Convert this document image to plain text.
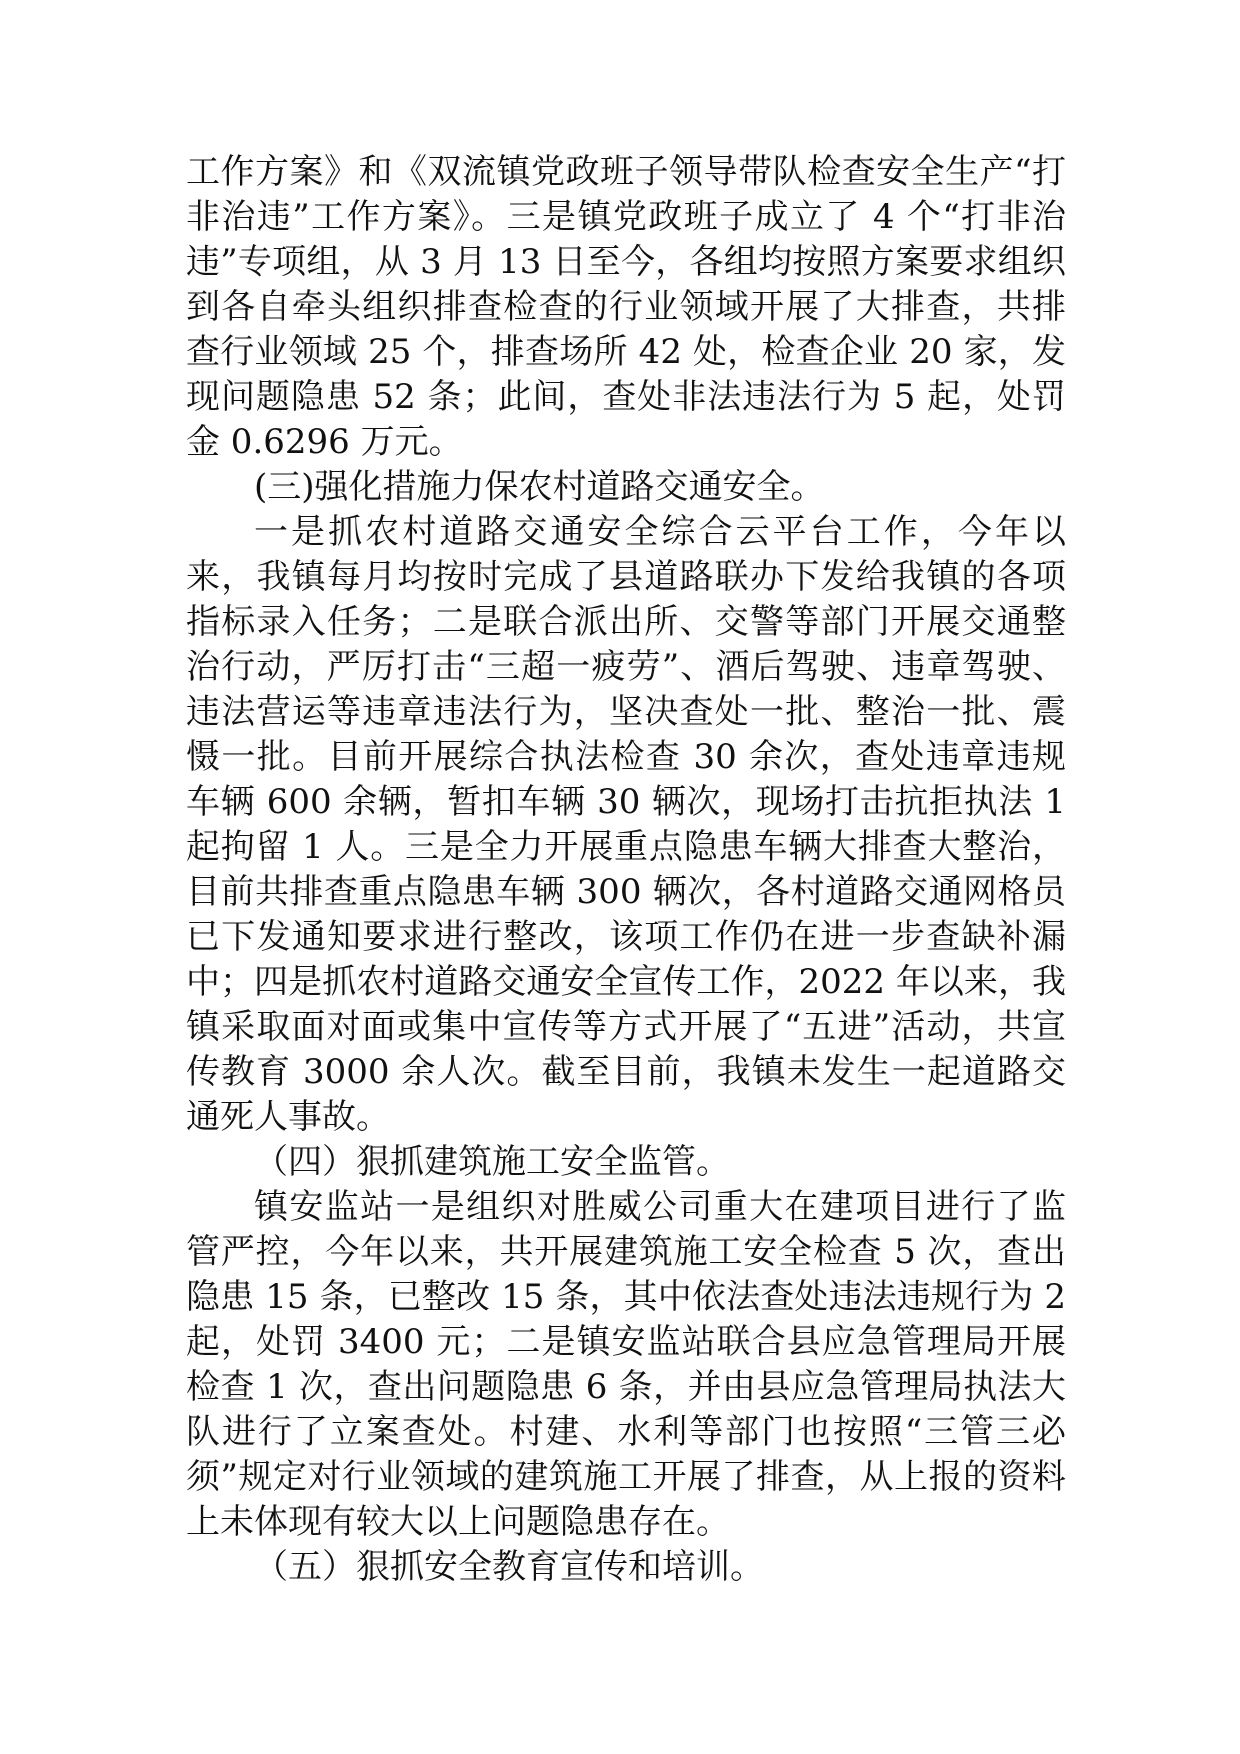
工作方案》和《双流镇党政班子领导带队检查安全生产“打非治违”工作方案》。三是镇党政班子成立了 4 个“打非治违”专项组，从 3 月 13 日至今，各组均按照方案要求组织到各自牵头组织排查检查的行业领域开展了大排查，共排查行业领域 25 个，排查场所 42 处，检查企业 20 家，发现问题隐患 52 条；此间，查处非法违法行为 5 起，处罚金 0.6296 万元。

(三)强化措施力保农村道路交通安全。

一是抓农村道路交通安全综合云平台工作，今年以来，我镇每月均按时完成了县道路联办下发给我镇的各项指标录入任务；二是联合派出所、交警等部门开展交通整治行动，严厉打击“三超一疲劳”、酒后驾驶、违章驾驶、违法营运等违章违法行为，坚决查处一批、整治一批、震慑一批。目前开展综合执法检查 30 余次，查处违章违规车辆 600 余辆，暂扣车辆 30 辆次，现场打击抗拒执法 1 起拘留 1 人。三是全力开展重点隐患车辆大排查大整治，目前共排查重点隐患车辆 300 辆次，各村道路交通网格员已下发通知要求进行整改，该项工作仍在进一步查缺补漏中；四是抓农村道路交通安全宣传工作，2022 年以来，我镇采取面对面或集中宣传等方式开展了“五进”活动，共宣传教育 3000 余人次。截至目前，我镇未发生一起道路交通死人事故。

（四）狠抓建筑施工安全监管。

镇安监站一是组织对胜威公司重大在建项目进行了监管严控，今年以来，共开展建筑施工安全检查 5 次，查出隐患 15 条，已整改 15 条，其中依法查处违法违规行为 2 起，处罚 3400 元；二是镇安监站联合县应急管理局开展检查 1 次，查出问题隐患 6 条，并由县应急管理局执法大队进行了立案查处。村建、水利等部门也按照“三管三必须”规定对行业领域的建筑施工开展了排查，从上报的资料上未体现有较大以上问题隐患存在。

（五）狠抓安全教育宣传和培训。
